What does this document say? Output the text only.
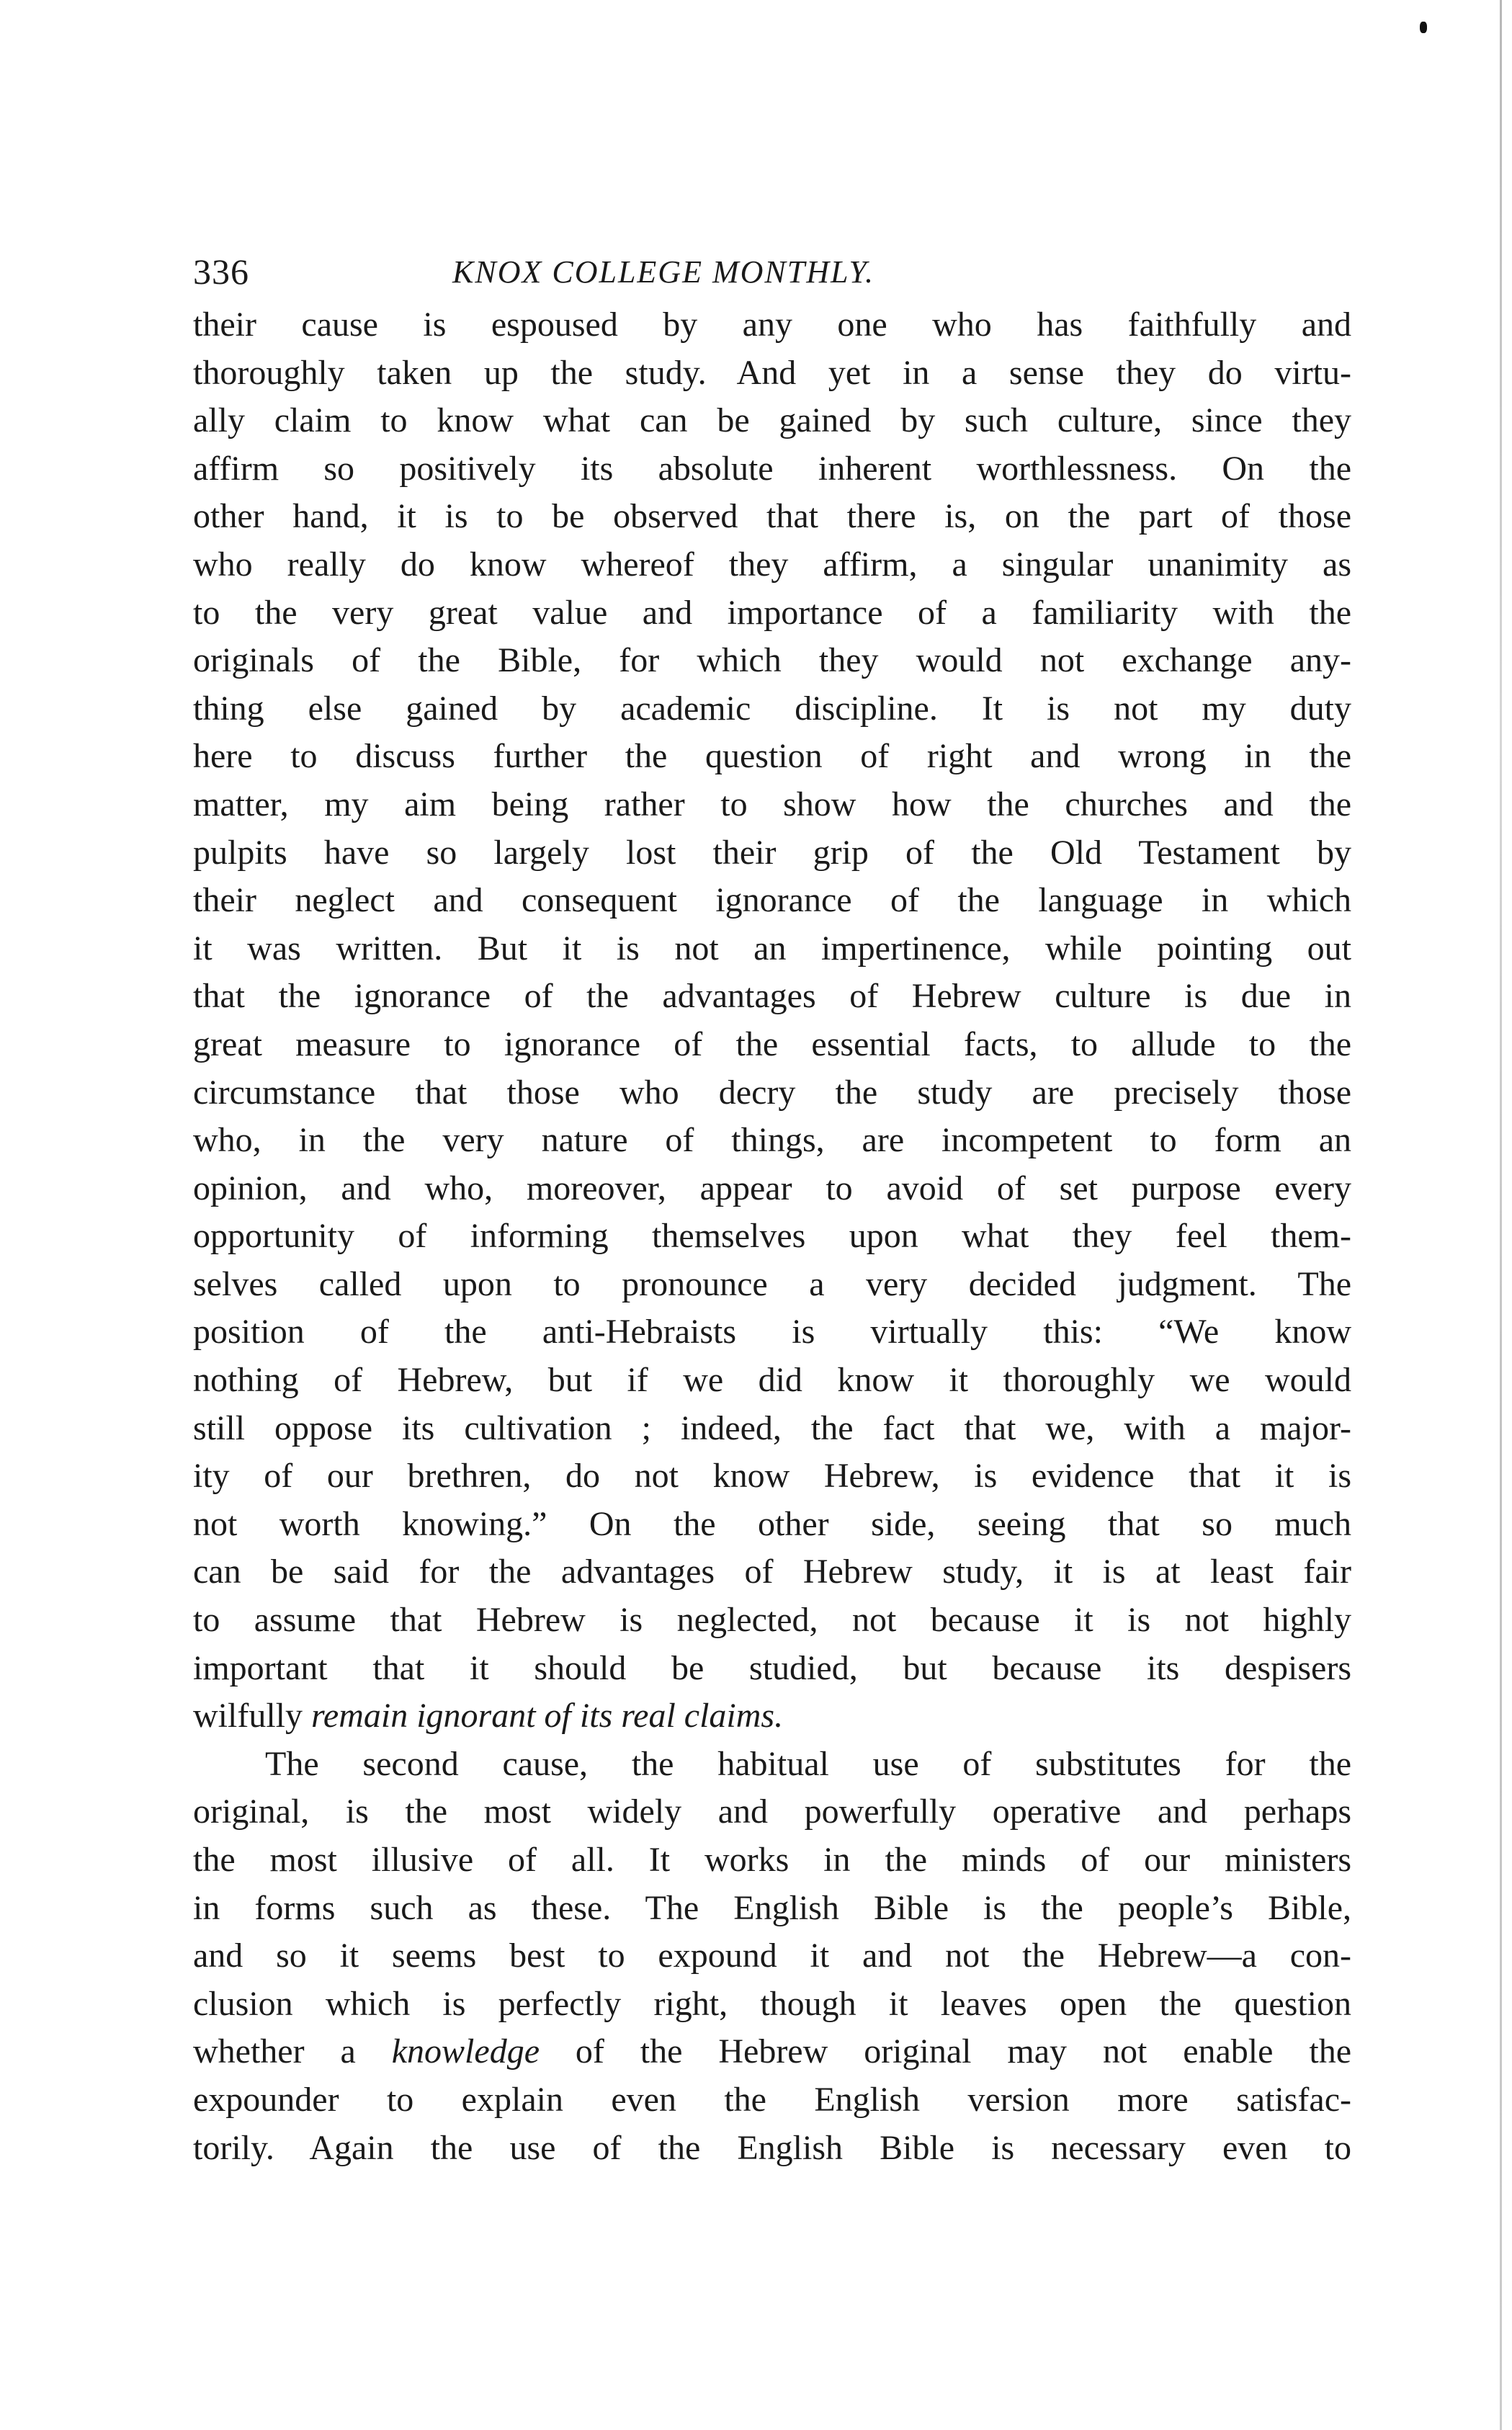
336	KNOX COLLEGE MONTHLY.
their cause is espoused by any one who has faithfully and
thoroughly taken up the study. And yet in a sense they do virtu-
ally claim to know what can be gained by such culture, since they
affirm so positively its absolute inherent worthlessness. On the
other hand, it is to be observed that there is, on the part of those
who really do know whereof they affirm, a singular unanimity as
to the very great value and importance of a familiarity with the
originals of the Bible, for which they would not exchange any-
thing else gained by academic discipline. It is not my duty
here to discuss further the question of right and wrong in the
matter, my aim being rather to show how the churches and the
pulpits have so largely lost their grip of the Old Testament by
their neglect and consequent ignorance of the language in which
it was written. But it is not an impertinence, while pointing out
that the ignorance of the advantages of Hebrew culture is due in
great measure to ignorance of the essential facts, to allude to the
circumstance that those who decry the study are precisely those
who, in the very nature of things, are incompetent to form an
opinion, and who, moreover, appear to avoid of set purpose every
opportunity of informing themselves upon what they feel them-
selves called upon to pronounce a very decided judgment. The
position of the anti-Hebraists is virtually this: “We know
nothing of Hebrew, but if we did know it thoroughly we would
still oppose its cultivation ; indeed, the fact that we, with a major-
ity of our brethren, do not know Hebrew, is evidence that it is
not worth knowing.” On the other side, seeing that so much
can be said for the advantages of Hebrew study, it is at least fair
to assume that Hebrew is neglected, not because it is not highly
important that it should be studied, but because its despisers
wilfully remain ignorant of its real claims.
The second cause, the habitual use of substitutes for the
original, is the most widely and powerfully operative and perhaps
the most illusive of all. It works in the minds of our ministers
in forms such as these. The English Bible is the people’s Bible,
and so it seems best to expound it and not the Hebrew—a con-
clusion which is perfectly right, though it leaves open the question
whether a knowledge of the Hebrew original may not enable the
expounder to explain even the English version more satisfac-
torily. Again the use of the English Bible is necessary even to
